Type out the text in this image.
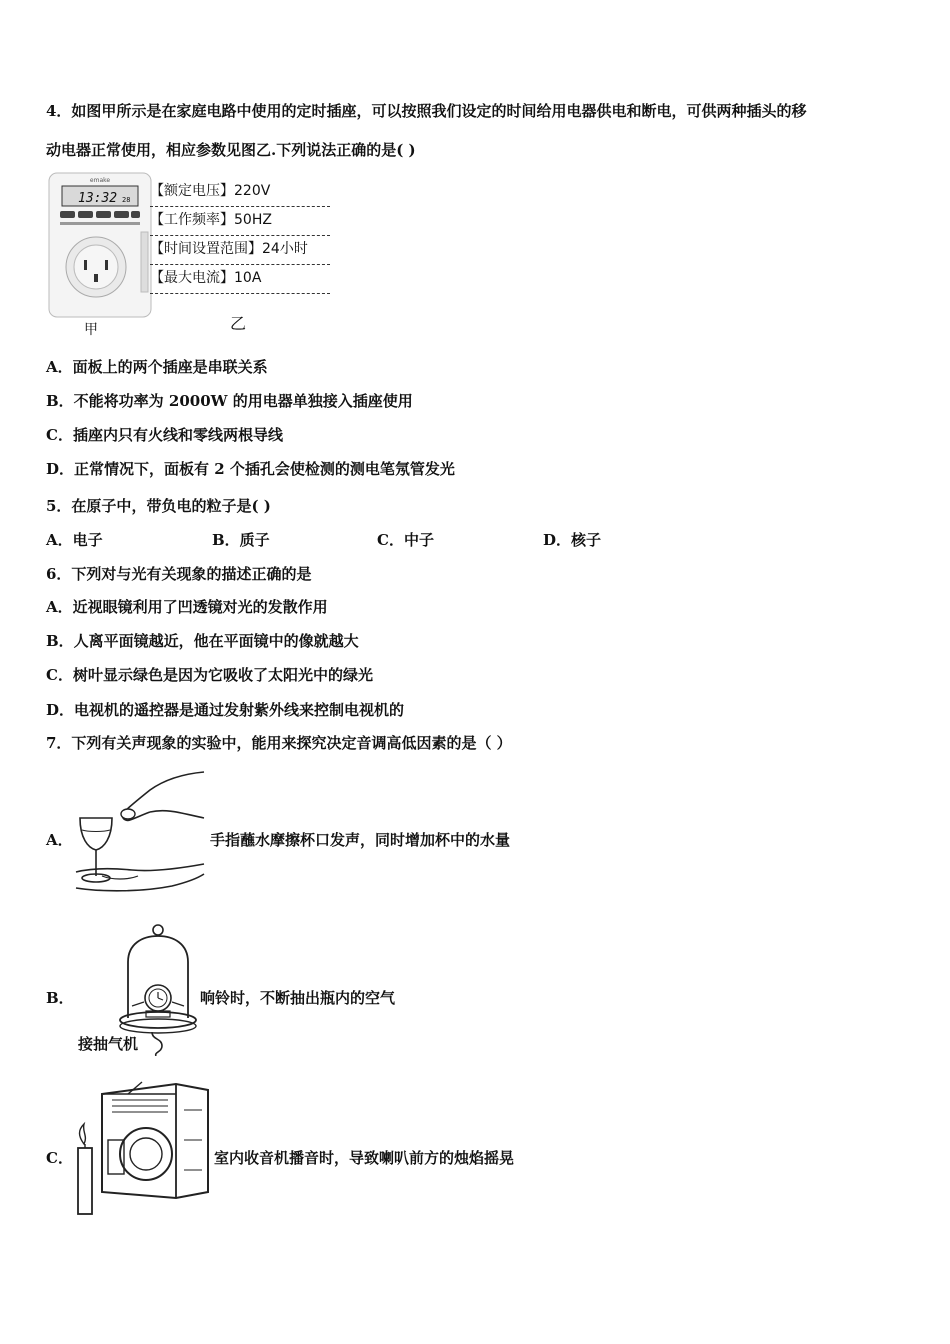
4．如图甲所示是在家庭电路中使用的定时插座，可以按照我们设定的时间给用电器供电和断电，可供两种插头的移
动电器正常使用，相应参数见图乙.下列说法正确的是( )
emake
13:32 28
甲
【额定电压】220V
【工作频率】50HZ
【时间设置范围】24小时
【最大电流】10A
乙
A．面板上的两个插座是串联关系
B．不能将功率为 2000W 的用电器单独接入插座使用
C．插座内只有火线和零线两根导线
D．正常情况下，面板有 2 个插孔会使检测的测电笔氖管发光
5．在原子中，带负电的粒子是( )
A．电子	B．质子	C．中子	D．核子
6．下列对与光有关现象的描述正确的是
A．近视眼镜利用了凹透镜对光的发散作用
B．人离平面镜越近，他在平面镜中的像就越大
C．树叶显示绿色是因为它吸收了太阳光中的绿光
D．电视机的遥控器是通过发射紫外线来控制电视机的
7．下列有关声现象的实验中，能用来探究决定音调高低因素的是（ ）
A．	手指蘸水摩擦杯口发声，同时增加杯中的水量
B．
接抽气机
响铃时，不断抽出瓶内的空气
C．	室内收音机播音时，导致喇叭前方的烛焰摇晃
